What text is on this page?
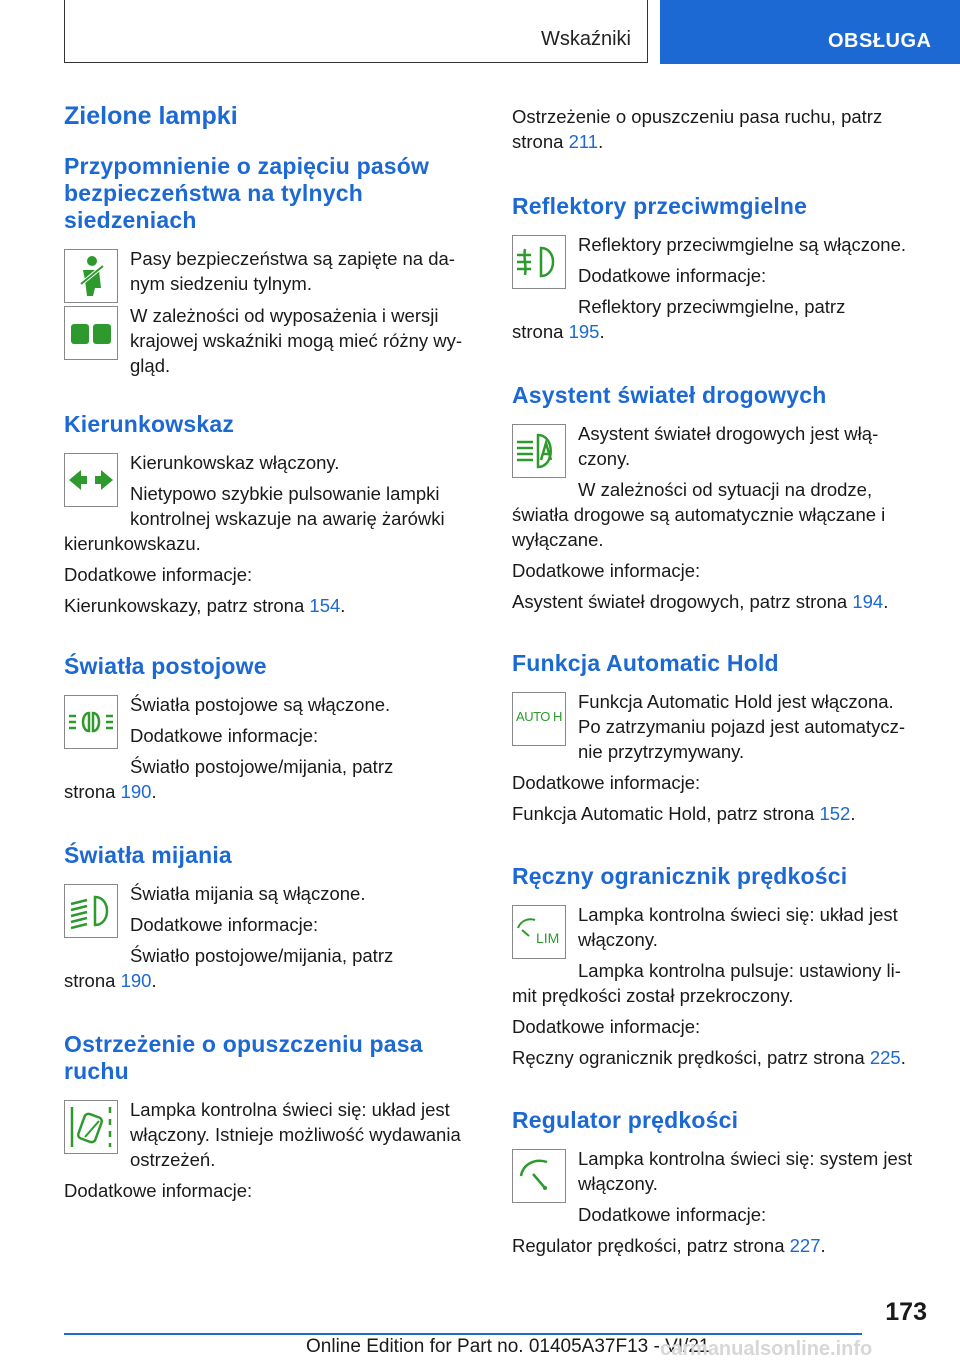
Wskaźniki	OBSŁUGA
Zielone lampki
Przypomnienie o zapięciu pasów
bezpieczeństwa na tylnych
siedzeniach

Pasy bezpieczeństwa są zapięte na da-
nym siedzeniu tylnym.

W zależności od wyposażenia i wersji
krajowej wskaźniki mogą mieć różny wy-
gląd.

Kierunkowskaz

Kierunkowskaz włączony.

Nietypowo szybkie pulsowanie lampki
kontrolnej wskazuje na awarię żarówki

kierunkowskazu.

Dodatkowe informacje:

Kierunkowskazy, patrz strona 154.

Światła postojowe

Światła postojowe są włączone.

Dodatkowe informacje:

Światło postojowe/mijania, patrz

strona 190.

Światła mijania

Światła mijania są włączone.

Dodatkowe informacje:

Światło postojowe/mijania, patrz

strona 190.

Ostrzeżenie o opuszczeniu pasa
ruchu

Lampka kontrolna świeci się: układ jest
włączony. Istnieje możliwość wydawania
ostrzeżeń.

Dodatkowe informacje:

Ostrzeżenie o opuszczeniu pasa ruchu, patrz
strona 211.

Reflektory przeciwmgielne

Reflektory przeciwmgielne są włączone.

Dodatkowe informacje:

Reflektory przeciwmgielne, patrz

strona 195.

Asystent świateł drogowych

Asystent świateł drogowych jest włą-
czony.

W zależności od sytuacji na drodze,

światła drogowe są automatycznie włączane i
wyłączane.

Dodatkowe informacje:

Asystent świateł drogowych, patrz strona 194.

Funkcja Automatic Hold
AUTO H

Funkcja Automatic Hold jest włączona.
Po zatrzymaniu pojazd jest automatycz-
nie przytrzymywany.

Dodatkowe informacje:

Funkcja Automatic Hold, patrz strona 152.

Ręczny ogranicznik prędkości
LIM

Lampka kontrolna świeci się: układ jest
włączony.

Lampka kontrolna pulsuje: ustawiony li-

mit prędkości został przekroczony.

Dodatkowe informacje:

Ręczny ogranicznik prędkości, patrz strona 225.

Regulator prędkości

Lampka kontrolna świeci się: system jest
włączony.

Dodatkowe informacje:

Regulator prędkości, patrz strona 227.

173
Online Edition for Part no. 01405A37F13 - VI/21
carmanualsonline.info
